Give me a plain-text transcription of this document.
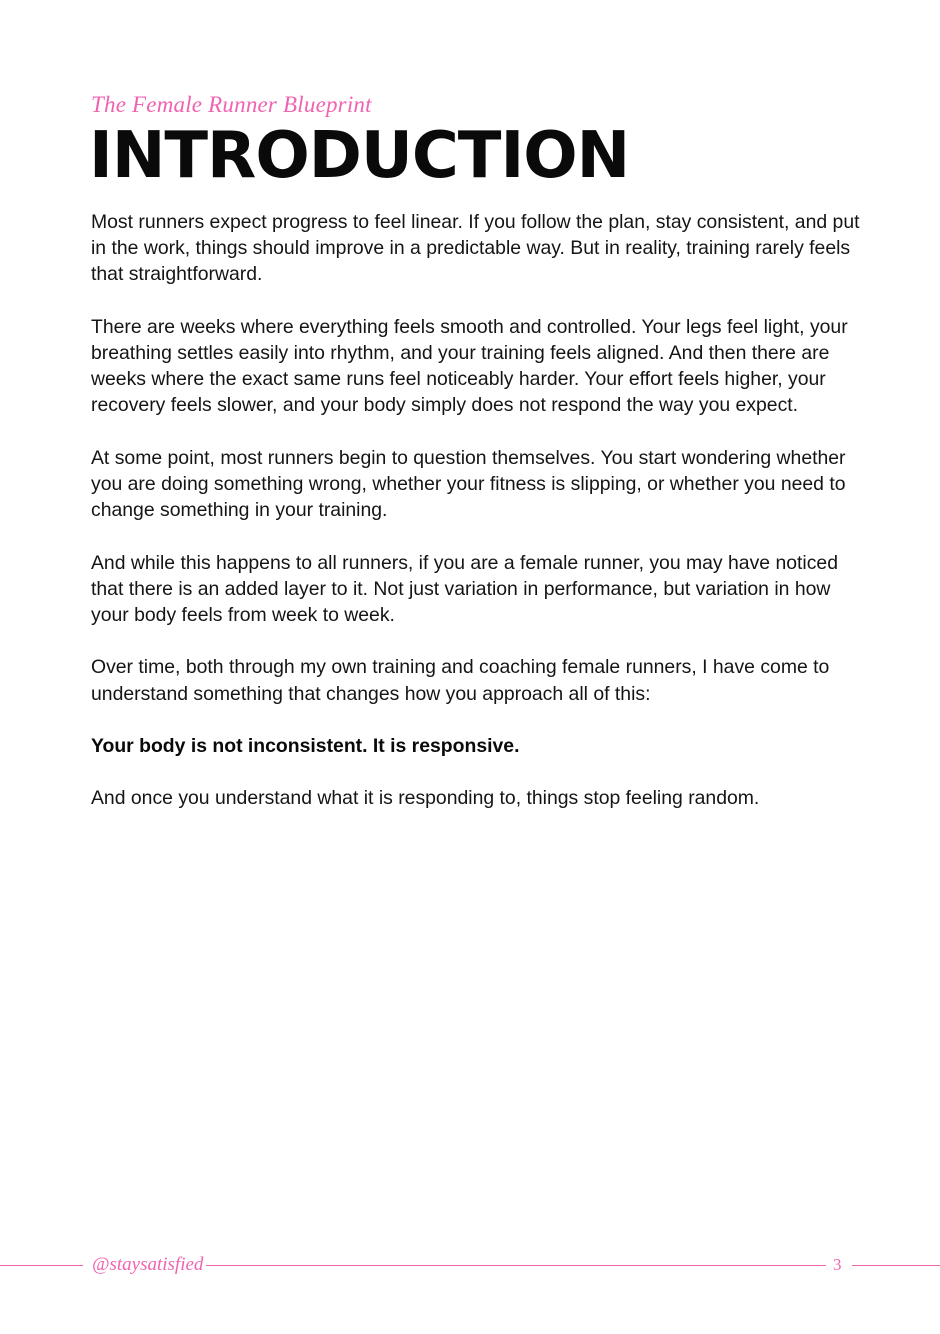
The Female Runner Blueprint
INTRODUCTION

Most runners expect progress to feel linear. If you follow the plan, stay consistent, and put in the work, things should improve in a predictable way. But in reality, training rarely feels that straightforward.

There are weeks where everything feels smooth and controlled. Your legs feel light, your breathing settles easily into rhythm, and your training feels aligned. And then there are weeks where the exact same runs feel noticeably harder. Your effort feels higher, your recovery feels slower, and your body simply does not respond the way you expect.

At some point, most runners begin to question themselves. You start wondering whether you are doing something wrong, whether your fitness is slipping, or whether you need to change something in your training.

And while this happens to all runners, if you are a female runner, you may have noticed that there is an added layer to it. Not just variation in performance, but variation in how your body feels from week to week.

Over time, both through my own training and coaching female runners, I have come to understand something that changes how you approach all of this:

Your body is not inconsistent. It is responsive.

And once you understand what it is responding to, things stop feeling random.

@staysatisfied	3
